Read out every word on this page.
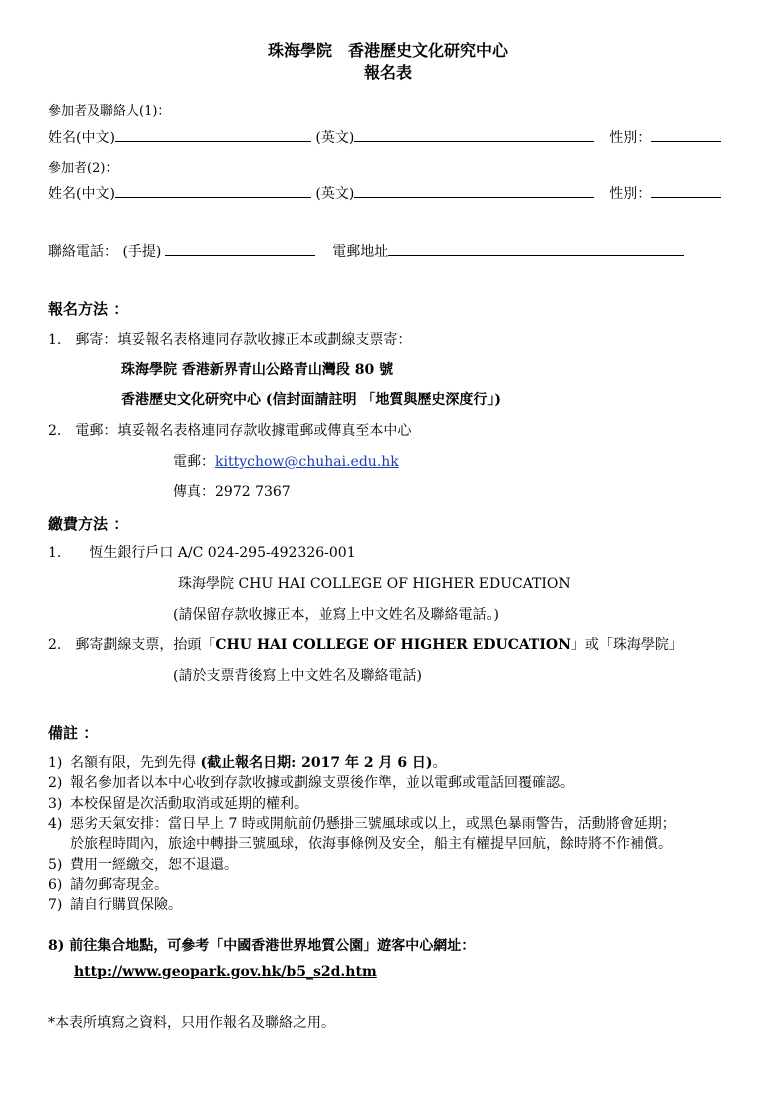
珠海學院　香港歷史文化研究中心
報名表
參加者及聯絡人(1)：
姓名(中文)	(英文)	性別：
參加者(2)：
姓名(中文)	(英文)	性別：
聯絡電話： (手提)	電郵地址
報名方法 ：
1.　郵寄：填妥報名表格連同存款收據正本或劃線支票寄：
珠海學院 香港新界青山公路青山灣段 80 號
香港歷史文化研究中心 (信封面請註明 「地質與歷史深度行」)
2.　電郵：填妥報名表格連同存款收據電郵或傳真至本中心
電郵：kittychow@chuhai.edu.hk
傳真：2972 7367
繳費方法 ：
1.　　恆生銀行戶口 A/C 024-295-492326-001
珠海學院 CHU HAI COLLEGE OF HIGHER EDUCATION
(請保留存款收據正本，並寫上中文姓名及聯絡電話。)
2.　郵寄劃線支票，抬頭「CHU HAI COLLEGE OF HIGHER EDUCATION」或「珠海學院」
(請於支票背後寫上中文姓名及聯絡電話)
備註 ：
1) 名額有限，先到先得 (截止報名日期: 2017 年 2 月 6 日)。
2) 報名參加者以本中心收到存款收據或劃線支票後作準，並以電郵或電話回覆確認。
3) 本校保留是次活動取消或延期的權利。
4) 惡劣天氣安排：當日早上 7 時或開航前仍懸掛三號風球或以上，或黑色暴雨警告，活動將會延期；
於旅程時間內，旅途中轉掛三號風球，依海事條例及安全，船主有權提早回航，餘時將不作補償。
5) 費用一經繳交，恕不退還。
6) 請勿郵寄現金。
7) 請自行購買保險。
8) 前往集合地點，可參考「中國香港世界地質公園」遊客中心網址：
http://www.geopark.gov.hk/b5_s2d.htm
*本表所填寫之資料，只用作報名及聯絡之用。
